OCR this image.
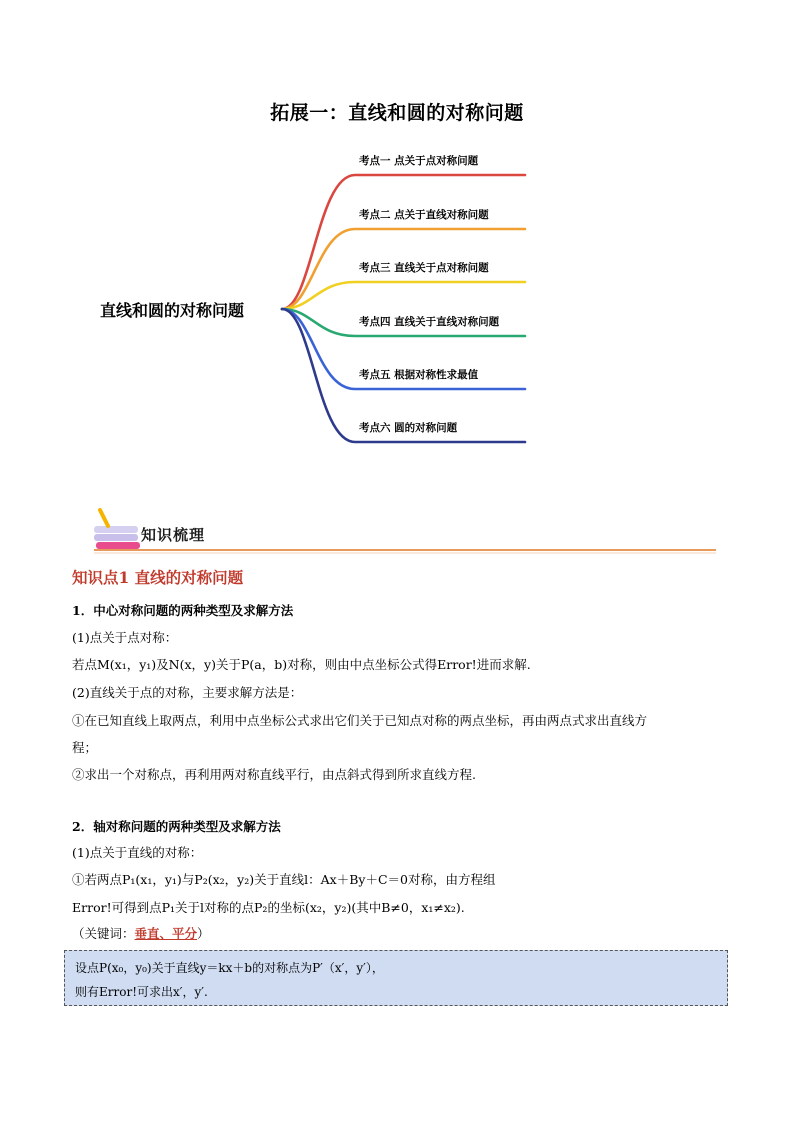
拓展一：直线和圆的对称问题
直线和圆的对称问题
考点一 点关于点对称问题
考点二 点关于直线对称问题
考点三 直线关于点对称问题
考点四 直线关于直线对称问题
考点五 根据对称性求最值
考点六 圆的对称问题
知识梳理
知识点1 直线的对称问题
1．中心对称问题的两种类型及求解方法
(1)点关于点对称：
若点M(x₁，y₁)及N(x，y)关于P(a，b)对称，则由中点坐标公式得Error!进而求解.
(2)直线关于点的对称，主要求解方法是：
①在已知直线上取两点，利用中点坐标公式求出它们关于已知点对称的两点坐标，再由两点式求出直线方
程；
②求出一个对称点，再利用两对称直线平行，由点斜式得到所求直线方程.
2．轴对称问题的两种类型及求解方法
(1)点关于直线的对称：
①若两点P₁(x₁，y₁)与P₂(x₂，y₂)关于直线l：Ax＋By＋C＝0对称，由方程组
Error!可得到点P₁关于l对称的点P₂的坐标(x₂，y₂)(其中B≠0，x₁≠x₂).
（关键词：垂直、平分）
设点P(x₀，y₀)关于直线y＝kx＋b的对称点为P′（x′，y′），
则有Error!可求出x′，y′.
